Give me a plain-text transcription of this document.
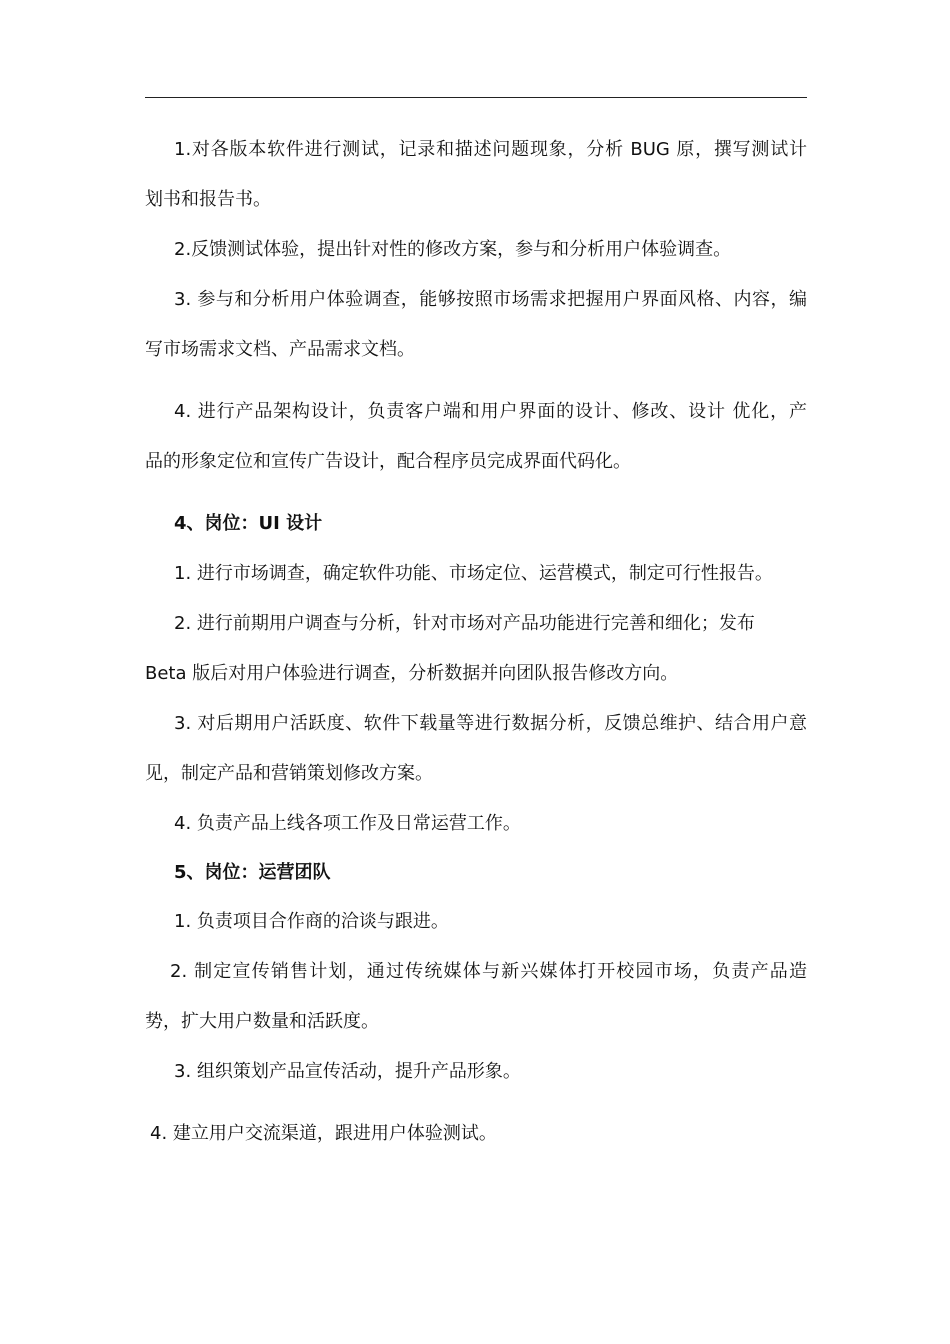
1.对各版本软件进行测试，记录和描述问题现象，分析 BUG 原，撰写测试计
划书和报告书。
2.反馈测试体验，提出针对性的修改方案，参与和分析用户体验调查。
3. 参与和分析用户体验调查，能够按照市场需求把握用户界面风格、内容，编
写市场需求文档、产品需求文档。
4. 进行产品架构设计，负责客户端和用户界面的设计、修改、设计 优化，产
品的形象定位和宣传广告设计，配合程序员完成界面代码化。
4、岗位：UI 设计
1. 进行市场调查，确定软件功能、市场定位、运营模式，制定可行性报告。
2. 进行前期用户调查与分析，针对市场对产品功能进行完善和细化；发布
Beta 版后对用户体验进行调查，分析数据并向团队报告修改方向。
3. 对后期用户活跃度、软件下载量等进行数据分析，反馈总维护、结合用户意
见，制定产品和营销策划修改方案。
4. 负责产品上线各项工作及日常运营工作。
5、岗位：运营团队
1. 负责项目合作商的洽谈与跟进。
2. 制定宣传销售计划，通过传统媒体与新兴媒体打开校园市场，负责产品造
势，扩大用户数量和活跃度。
3. 组织策划产品宣传活动，提升产品形象。
4. 建立用户交流渠道，跟进用户体验测试。
